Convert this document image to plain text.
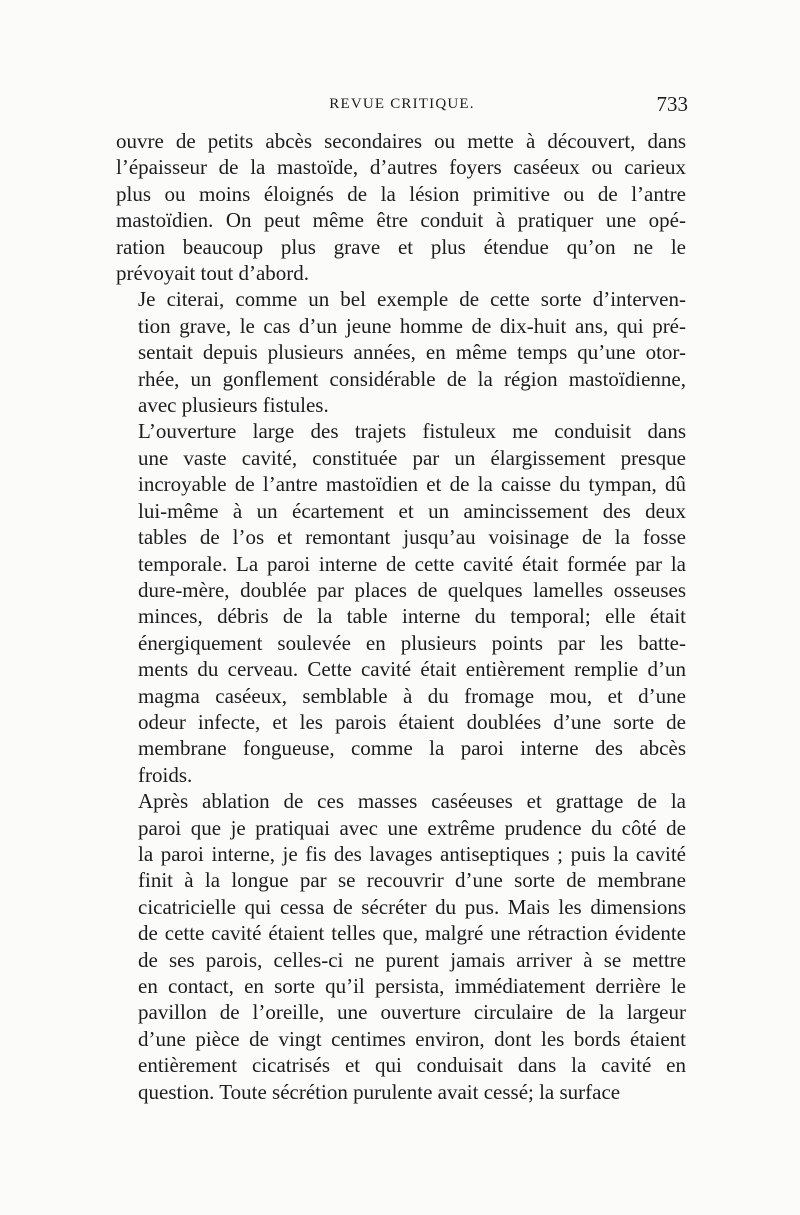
REVUE CRITIQUE.	733

ouvre de petits abcès secondaires ou mette à découvert, dans
l’épaisseur de la mastoïde, d’autres foyers caséeux ou carieux
plus ou moins éloignés de la lésion primitive ou de l’antre
mastoïdien. On peut même être conduit à pratiquer une opé-
ration beaucoup plus grave et plus étendue qu’on ne le
prévoyait tout d’abord.

Je citerai, comme un bel exemple de cette sorte d’interven-
tion grave, le cas d’un jeune homme de dix-huit ans, qui pré-
sentait depuis plusieurs années, en même temps qu’une otor-
rhée, un gonflement considérable de la région mastoïdienne,
avec plusieurs fistules.

L’ouverture large des trajets fistuleux me conduisit dans
une vaste cavité, constituée par un élargissement presque
incroyable de l’antre mastoïdien et de la caisse du tympan, dû
lui-même à un écartement et un amincissement des deux
tables de l’os et remontant jusqu’au voisinage de la fosse
temporale. La paroi interne de cette cavité était formée par la
dure-mère, doublée par places de quelques lamelles osseuses
minces, débris de la table interne du temporal; elle était
énergiquement soulevée en plusieurs points par les batte-
ments du cerveau. Cette cavité était entièrement remplie d’un
magma caséeux, semblable à du fromage mou, et d’une
odeur infecte, et les parois étaient doublées d’une sorte de
membrane fongueuse, comme la paroi interne des abcès
froids.

Après ablation de ces masses caséeuses et grattage de la
paroi que je pratiquai avec une extrême prudence du côté de
la paroi interne, je fis des lavages antiseptiques ; puis la cavité
finit à la longue par se recouvrir d’une sorte de membrane
cicatricielle qui cessa de sécréter du pus. Mais les dimensions
de cette cavité étaient telles que, malgré une rétraction évidente
de ses parois, celles-ci ne purent jamais arriver à se mettre
en contact, en sorte qu’il persista, immédiatement derrière le
pavillon de l’oreille, une ouverture circulaire de la largeur
d’une pièce de vingt centimes environ, dont les bords étaient
entièrement cicatrisés et qui conduisait dans la cavité en
question. Toute sécrétion purulente avait cessé; la surface
